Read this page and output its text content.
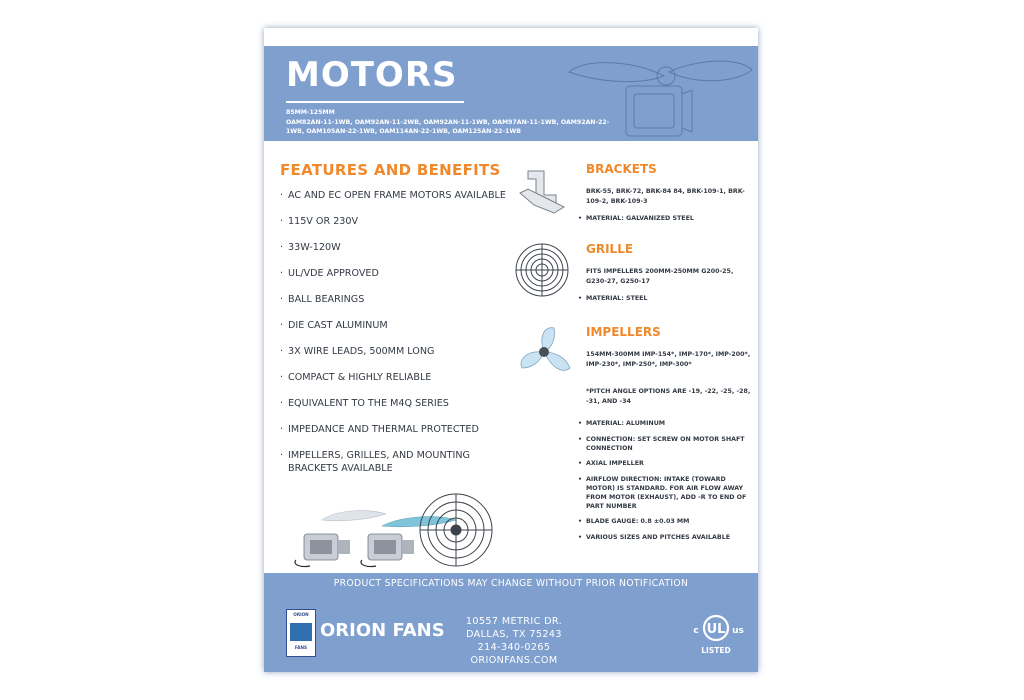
MOTORS
85MM-125MM
OAM82AN-11-1WB, OAM92AN-11-2WB, OAM92AN-11-1WB, OAM97AN-11-1WB, OAM92AN-22-1WB, OAM105AN-22-1WB, OAM114AN-22-1WB, OAM125AN-22-1WB
FEATURES AND BENEFITS
· AC AND EC OPEN FRAME MOTORS AVAILABLE
· 115V OR 230V
· 33W-120W
· UL/VDE APPROVED
· BALL BEARINGS
· DIE CAST ALUMINUM
· 3X WIRE LEADS, 500MM LONG
· COMPACT & HIGHLY RELIABLE
· EQUIVALENT TO THE M4Q SERIES
· IMPEDANCE AND THERMAL PROTECTED
· IMPELLERS, GRILLES, AND MOUNTING BRACKETS AVAILABLE
BRACKETS

BRK-55, BRK-72, BRK-84 84, BRK-109-1, BRK-109-2, BRK-109-3

• MATERIAL: GALVANIZED STEEL
GRILLE

FITS IMPELLERS 200MM-250MM G200-25, G230-27, G250-17

• MATERIAL: STEEL
IMPELLERS

154MM-300MM IMP-154*, IMP-170*, IMP-200*, IMP-230*, IMP-250*, IMP-300*

*PITCH ANGLE OPTIONS ARE -19, -22, -25, -28, -31, AND -34

• MATERIAL: ALUMINUM
• CONNECTION: SET SCREW ON MOTOR SHAFT CONNECTION
• AXIAL IMPELLER
• AIRFLOW DIRECTION: INTAKE (TOWARD MOTOR) IS STANDARD. FOR AIR FLOW AWAY FROM MOTOR (EXHAUST), ADD -R TO END OF PART NUMBER
• BLADE GAUGE: 0.8 ±0.03 MM
• VARIOUS SIZES AND PITCHES AVAILABLE
PRODUCT SPECIFICATIONS MAY CHANGE WITHOUT PRIOR NOTIFICATION
ORION
FANS
ORION FANS	10557 METRIC DR.
DALLAS, TX 75243
214-340-0265
ORIONFANS.COM
UL
c	us
LISTED
